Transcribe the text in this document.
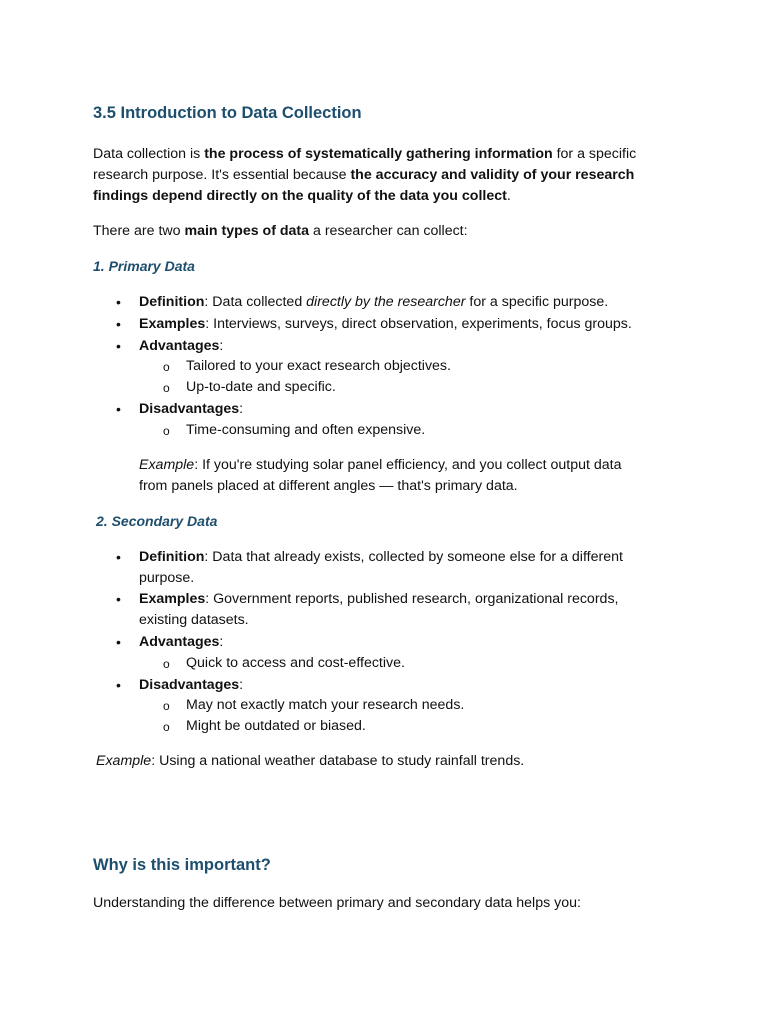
3.5 Introduction to Data Collection
Data collection is the process of systematically gathering information for a specific
research purpose. It's essential because the accuracy and validity of your research
findings depend directly on the quality of the data you collect.
There are two main types of data a researcher can collect:
1. Primary Data
• Definition: Data collected directly by the researcher for a specific purpose.
• Examples: Interviews, surveys, direct observation, experiments, focus groups.
• Advantages:
o Tailored to your exact research objectives.
o Up-to-date and specific.
• Disadvantages:
o Time-consuming and often expensive.
Example: If you're studying solar panel efficiency, and you collect output data
from panels placed at different angles — that's primary data.
2. Secondary Data
• Definition: Data that already exists, collected by someone else for a different
purpose.
• Examples: Government reports, published research, organizational records,
existing datasets.
• Advantages:
o Quick to access and cost-effective.
• Disadvantages:
o May not exactly match your research needs.
o Might be outdated or biased.
Example: Using a national weather database to study rainfall trends.
Why is this important?
Understanding the difference between primary and secondary data helps you:
